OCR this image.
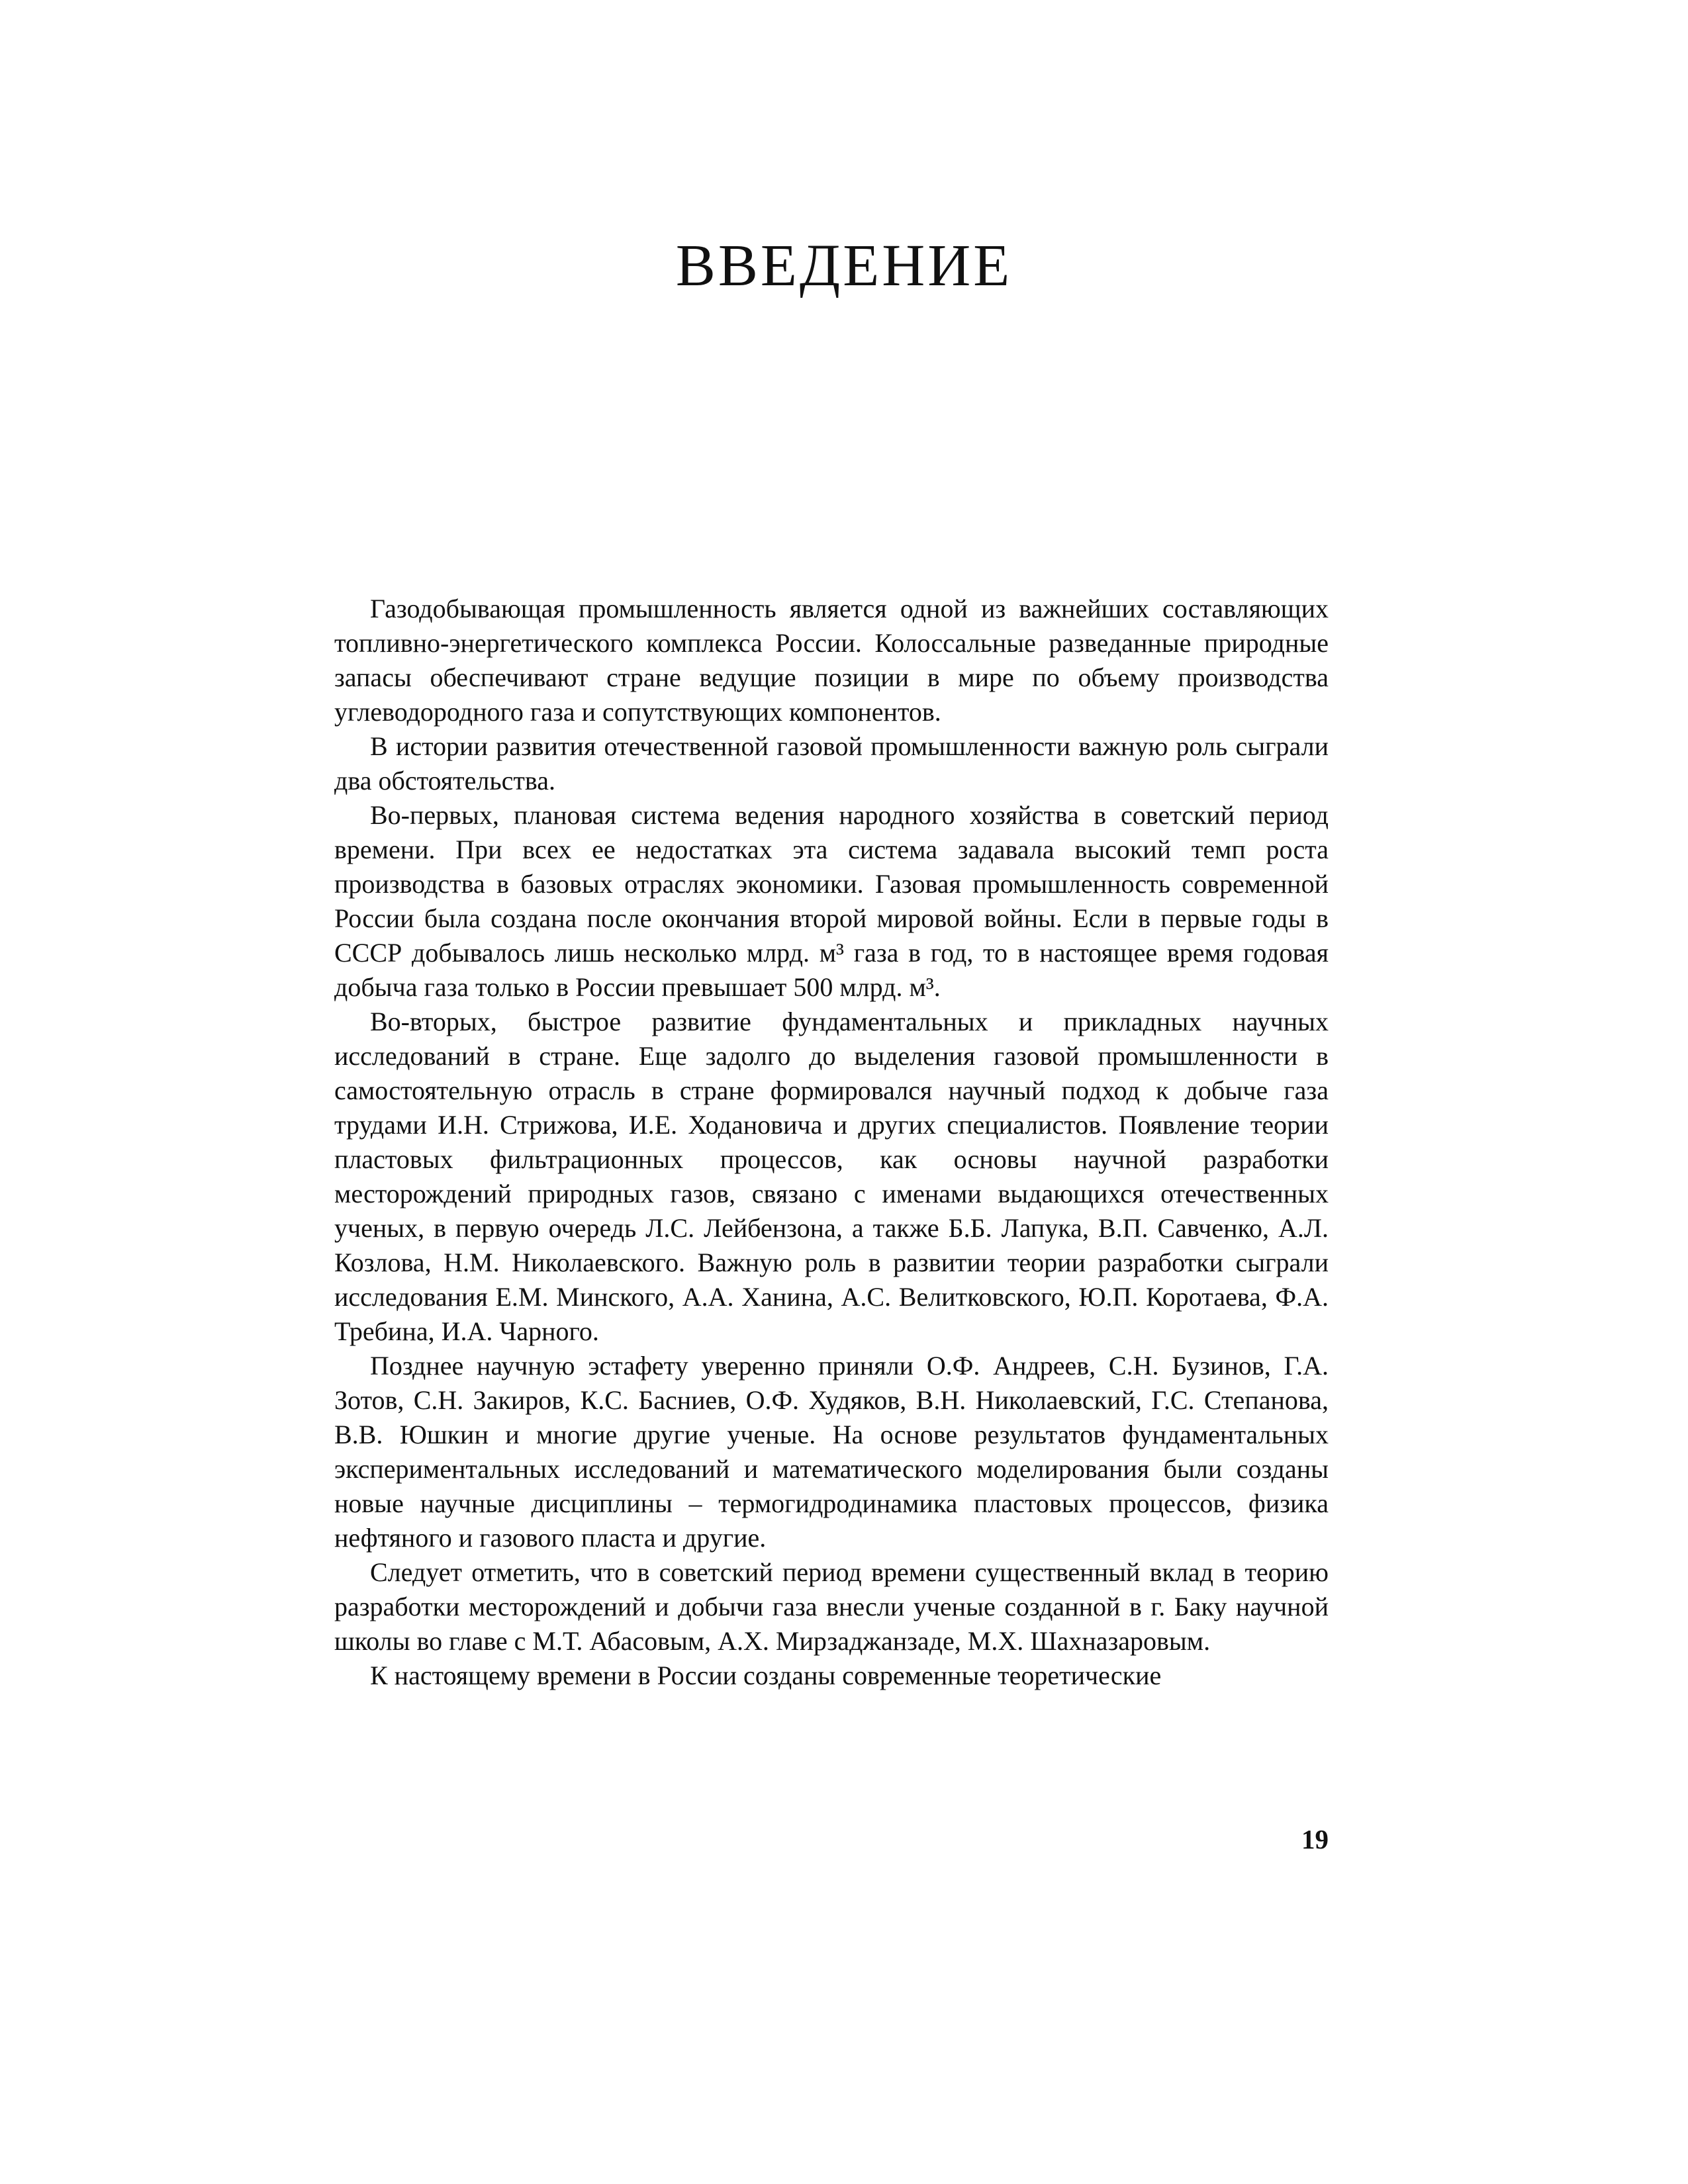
ВВЕДЕНИЕ

Газодобывающая промышленность является одной из важнейших составляющих топливно-энергетического комплекса России. Колоссальные разведанные природные запасы обеспечивают стране ведущие позиции в мире по объему производства углеводородного газа и сопутствующих компонентов.

В истории развития отечественной газовой промышленности важную роль сыграли два обстоятельства.

Во-первых, плановая система ведения народного хозяйства в советский период времени. При всех ее недостатках эта система задавала высокий темп роста производства в базовых отраслях экономики. Газовая промышленность современной России была создана после окончания второй мировой войны. Если в первые годы в СССР добывалось лишь несколько млрд. м³ газа в год, то в настоящее время годовая добыча газа только в России превышает 500 млрд. м³.

Во-вторых, быстрое развитие фундаментальных и прикладных научных исследований в стране. Еще задолго до выделения газовой промышленности в самостоятельную отрасль в стране формировался научный подход к добыче газа трудами И.Н. Стрижова, И.Е. Ходановича и других специалистов. Появление теории пластовых фильтрационных процессов, как основы научной разработки месторождений природных газов, связано с именами выдающихся отечественных ученых, в первую очередь Л.С. Лейбензона, а также Б.Б. Лапука, В.П. Савченко, А.Л. Козлова, Н.М. Николаевского. Важную роль в развитии теории разработки сыграли исследования Е.М. Минского, А.А. Ханина, А.С. Велитковского, Ю.П. Коротаева, Ф.А. Требина, И.А. Чарного.

Позднее научную эстафету уверенно приняли О.Ф. Андреев, С.Н. Бузинов, Г.А. Зотов, С.Н. Закиров, К.С. Басниев, О.Ф. Худяков, В.Н. Николаевский, Г.С. Степанова, В.В. Юшкин и многие другие ученые. На основе результатов фундаментальных экспериментальных исследований и математического моделирования были созданы новые научные дисциплины – термогидродинамика пластовых процессов, физика нефтяного и газового пласта и другие.

Следует отметить, что в советский период времени существенный вклад в теорию разработки месторождений и добычи газа внесли ученые созданной в г. Баку научной школы во главе с М.Т. Абасовым, А.Х. Мирзаджанзаде, М.Х. Шахназаровым.

К настоящему времени в России созданы современные теоретические

19
